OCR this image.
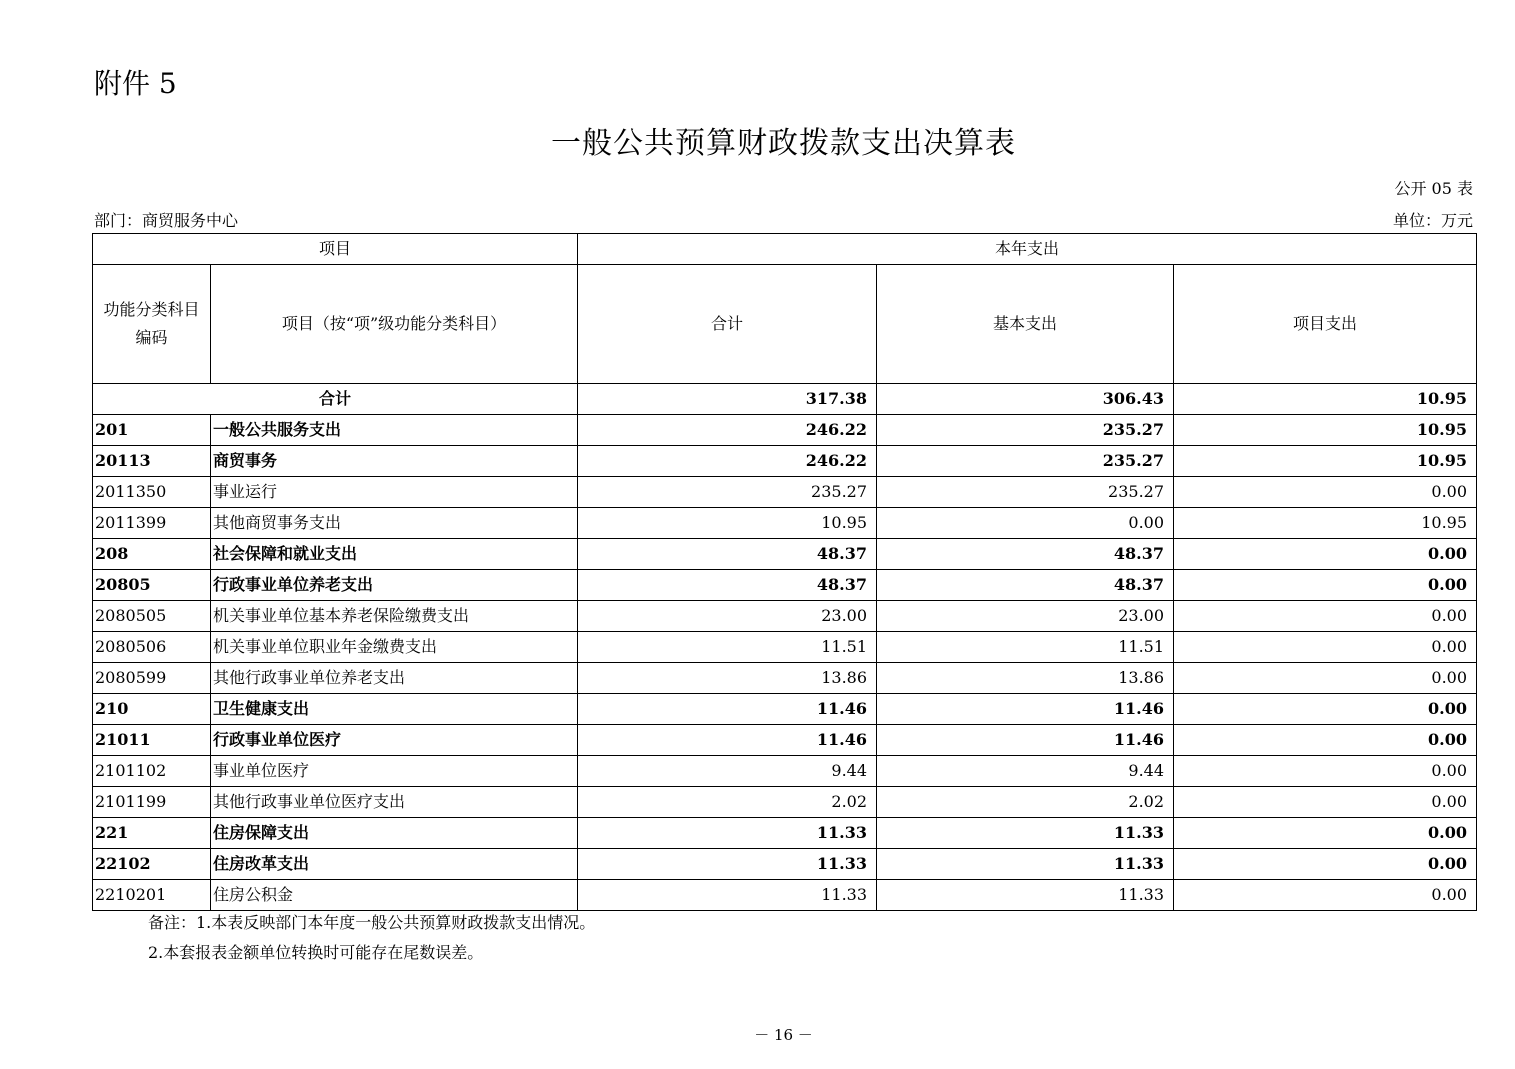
附件 5
一般公共预算财政拨款支出决算表
公开 05 表
部门：商贸服务中心	单位：万元
项目		本年支出		
功能分类科目编码	项目（按“项”级功能分类科目）	合计	基本支出	项目支出
合计		317.38	306.43	10.95
201	一般公共服务支出	246.22	235.27	10.95
20113	商贸事务	246.22	235.27	10.95
2011350	事业运行	235.27	235.27	0.00
2011399	其他商贸事务支出	10.95	0.00	10.95
208	社会保障和就业支出	48.37	48.37	0.00
20805	行政事业单位养老支出	48.37	48.37	0.00
2080505	机关事业单位基本养老保险缴费支出	23.00	23.00	0.00
2080506	机关事业单位职业年金缴费支出	11.51	11.51	0.00
2080599	其他行政事业单位养老支出	13.86	13.86	0.00
210	卫生健康支出	11.46	11.46	0.00
21011	行政事业单位医疗	11.46	11.46	0.00
2101102	事业单位医疗	9.44	9.44	0.00
2101199	其他行政事业单位医疗支出	2.02	2.02	0.00
221	住房保障支出	11.33	11.33	0.00
22102	住房改革支出	11.33	11.33	0.00
2210201	住房公积金	11.33	11.33	0.00
备注：1.本表反映部门本年度一般公共预算财政拨款支出情况。
2.本套报表金额单位转换时可能存在尾数误差。
－ 16 －
